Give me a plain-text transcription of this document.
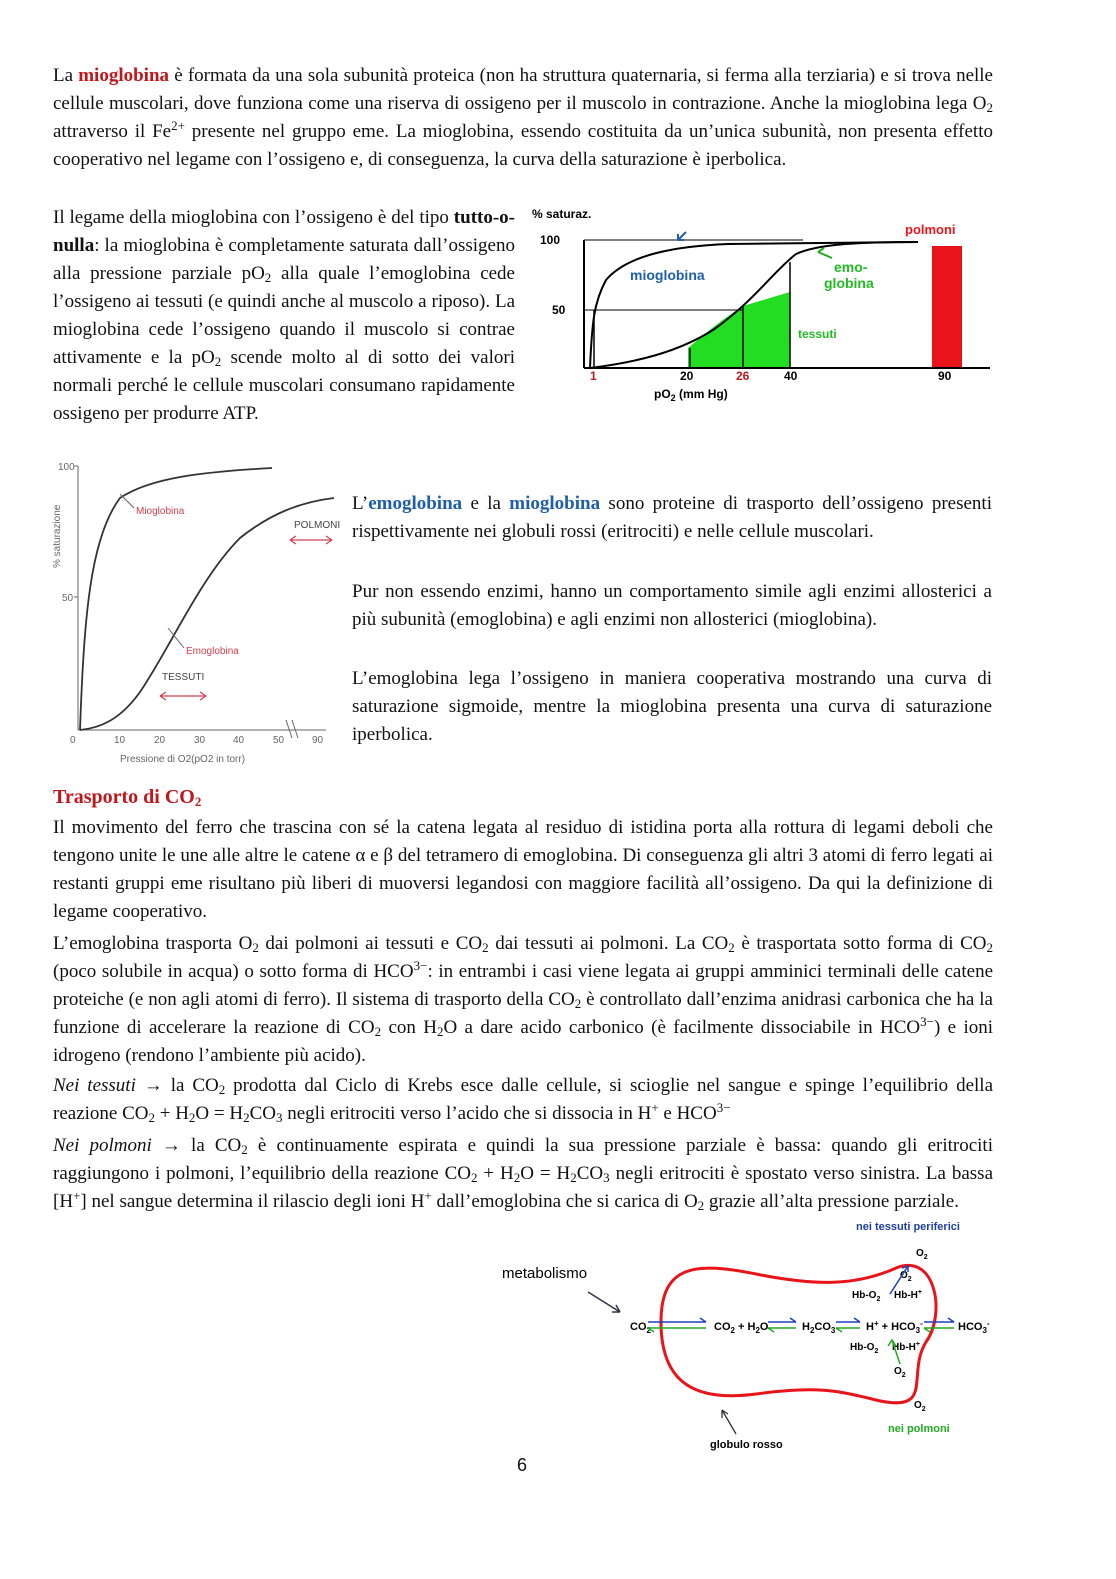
La mioglobina è formata da una sola subunità proteica (non ha struttura quaternaria, si ferma alla terziaria) e si trova nelle cellule muscolari, dove funziona come una riserva di ossigeno per il muscolo in contrazione. Anche la mioglobina lega $O_2$ attraverso il $Fe^{2+}$ presente nel gruppo eme. La mioglobina, essendo costituita da un’unica subunità, non presenta effetto cooperativo nel legame con l’ossigeno e, di conseguenza, la curva della saturazione è iperbolica.

Il legame della mioglobina con l’ossigeno è del tipo tutto-o-nulla: la mioglobina è completamente saturata dall’ossigeno alla pressione parziale $pO_2$ alla quale l’emoglobina cede l’ossigeno ai tessuti (e quindi anche al muscolo a riposo). La mioglobina cede l’ossigeno quando il muscolo si contrae attivamente e la $pO_2$ scende molto al di sotto dei valori normali perché le cellule muscolari consumano rapidamente ossigeno per produrre ATP.

% saturaz.
100
50
1	20	26	40	90
$pO_2$ (mm Hg)
mioglobina	emo-
globina
tessuti
polmoni
100
50
% saturazione
0	10	20	30	40	50	90
Pressione di O2(pO2 in torr)
Mioglobina
Emoglobina
POLMONI
TESSUTI

L’emoglobina e la mioglobina sono proteine di trasporto dell’ossigeno presenti rispettivamente nei globuli rossi (eritrociti) e nelle cellule muscolari.

Pur non essendo enzimi, hanno un comportamento simile agli enzimi allosterici a più subunità (emoglobina) e agli enzimi non allosterici (mioglobina).

L’emoglobina lega l’ossigeno in maniera cooperativa mostrando una curva di saturazione sigmoide, mentre la mioglobina presenta una curva di saturazione iperbolica.

Trasporto di $CO_2$

Il movimento del ferro che trascina con sé la catena legata al residuo di istidina porta alla rottura di legami deboli che tengono unite le une alle altre le catene α e β del tetramero di emoglobina. Di conseguenza gli altri 3 atomi di ferro legati ai restanti gruppi eme risultano più liberi di muoversi legandosi con maggiore facilità all’ossigeno. Da qui la definizione di legame cooperativo.

L’emoglobina trasporta $O_2$ dai polmoni ai tessuti e $CO_2$ dai tessuti ai polmoni. La $CO_2$ è trasportata sotto forma di $CO_2$ (poco solubile in acqua) o sotto forma di $HCO^{3-}$: in entrambi i casi viene legata ai gruppi amminici terminali delle catene proteiche (e non agli atomi di ferro). Il sistema di trasporto della $CO_2$ è controllato dall’enzima anidrasi carbonica che ha la funzione di accelerare la reazione di $CO_2$ con $H_2O$ a dare acido carbonico (è facilmente dissociabile in $HCO^{3-}$) e ioni idrogeno (rendono l’ambiente più acido).

Nei tessuti → la $CO_2$ prodotta dal Ciclo di Krebs esce dalle cellule, si scioglie nel sangue e spinge l’equilibrio della reazione $CO_2 + H_2O = H_2CO_3$ negli eritrociti verso l’acido che si dissocia in H+ e $HCO^{3-}$

Nei polmoni → la $CO_2$ è continuamente espirata e quindi la sua pressione parziale è bassa: quando gli eritrociti raggiungono i polmoni, l’equilibrio della reazione $CO_2 + H_2O = H_2CO_3$ negli eritrociti è spostato verso sinistra. La bassa [H+] nel sangue determina il rilascio degli ioni H+ dall’emoglobina che si carica di $O_2$ grazie all’alta pressione parziale.

metabolismo
nei tessuti periferici
nei polmoni
globulo rosso
$CO_2$	$CO_2 + H_2O$	$H_2CO_3$	$H^+ + HCO_3^-$	$HCO_3^-$
$Hb-O_2$ Hb-H+
$Hb-O_2$ Hb-H+
$O_2$
$O_2$
$O_2$
$O_2$
6
